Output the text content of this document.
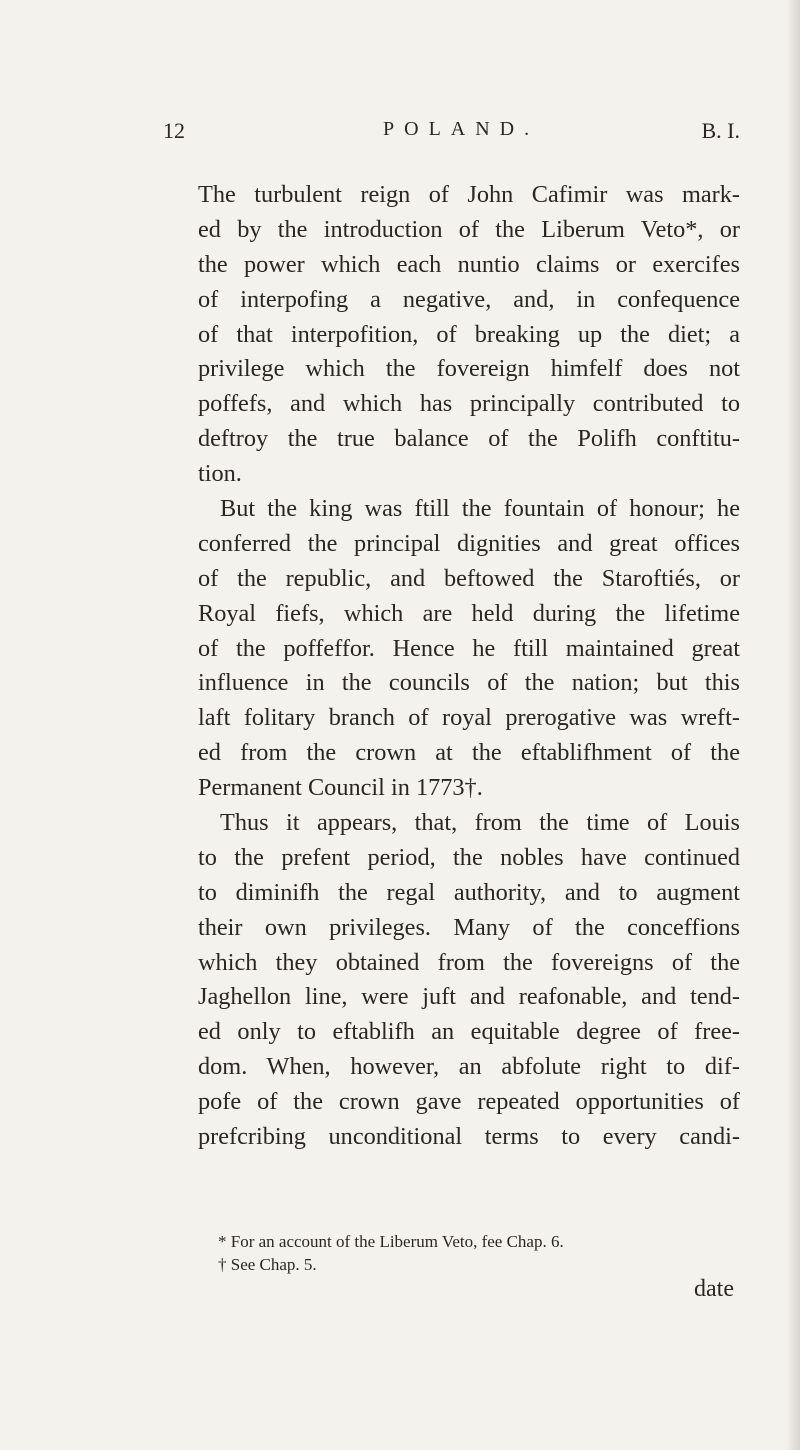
12	POLAND.	B. I.
The turbulent reign of John Cafimir was mark-
ed by the introduction of the Liberum Veto*, or
the power which each nuntio claims or exercifes
of interpofing a negative, and, in confequence
of that interpofition, of breaking up the diet; a
privilege which the fovereign himfelf does not
poffefs, and which has principally contributed to
deftroy the true balance of the Polifh conftitu-
tion.
But the king was ftill the fountain of honour; he
conferred the principal dignities and great offices
of the republic, and beftowed the Staroftiés, or
Royal fiefs, which are held during the lifetime
of the poffeffor. Hence he ftill maintained great
influence in the councils of the nation; but this
laft folitary branch of royal prerogative was wreft-
ed from the crown at the eftablifhment of the
Permanent Council in 1773†.
Thus it appears, that, from the time of Louis
to the prefent period, the nobles have continued
to diminifh the regal authority, and to augment
their own privileges. Many of the conceffions
which they obtained from the fovereigns of the
Jaghellon line, were juft and reafonable, and tend-
ed only to eftablifh an equitable degree of free-
dom. When, however, an abfolute right to dif-
pofe of the crown gave repeated opportunities of
prefcribing unconditional terms to every candi-
* For an account of the Liberum Veto, fee Chap. 6.
† See Chap. 5.
date
